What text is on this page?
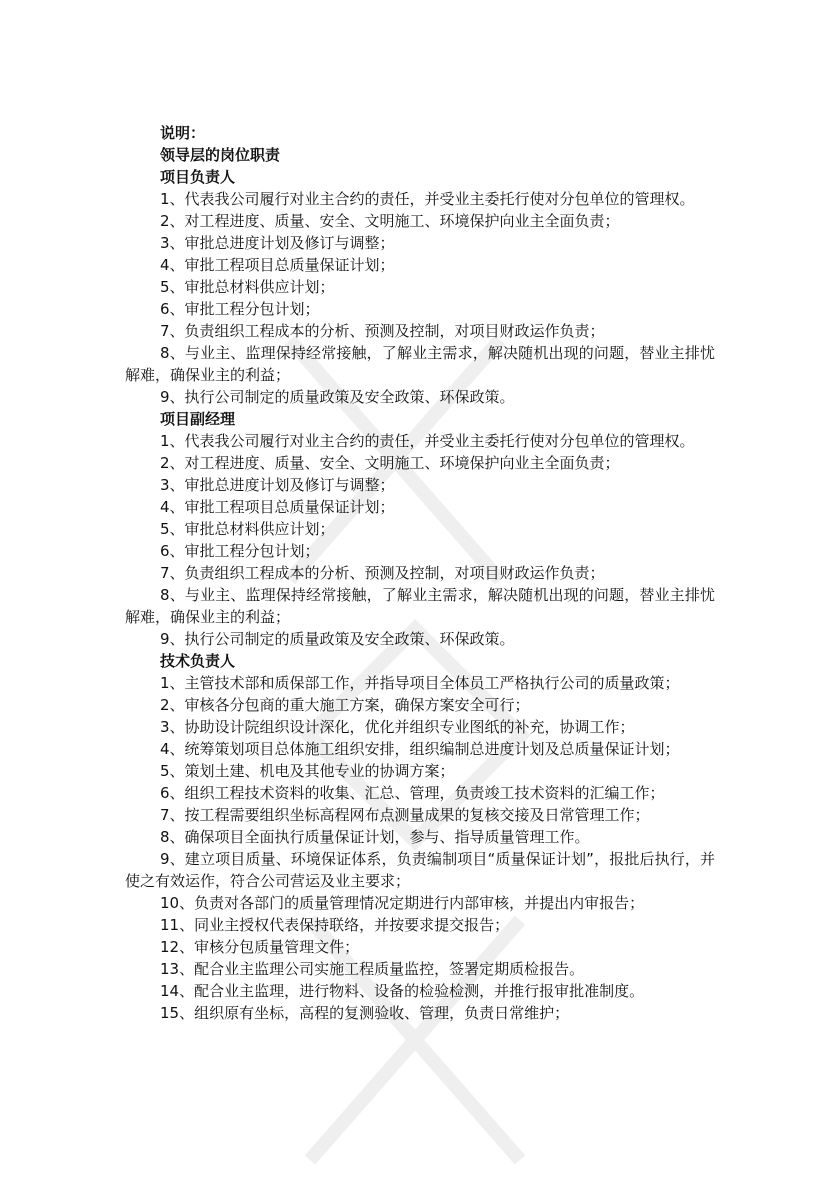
说明：
领导层的岗位职责
项目负责人
1、代表我公司履行对业主合约的责任，并受业主委托行使对分包单位的管理权。
2、对工程进度、质量、安全、文明施工、环境保护向业主全面负责；
3、审批总进度计划及修订与调整；
4、审批工程项目总质量保证计划；
5、审批总材料供应计划；
6、审批工程分包计划；
7、负责组织工程成本的分析、预测及控制，对项目财政运作负责；
8、与业主、监理保持经常接触，了解业主需求，解决随机出现的问题，替业主排忧解难，确保业主的利益；
9、执行公司制定的质量政策及安全政策、环保政策。
项目副经理
1、代表我公司履行对业主合约的责任，并受业主委托行使对分包单位的管理权。
2、对工程进度、质量、安全、文明施工、环境保护向业主全面负责；
3、审批总进度计划及修订与调整；
4、审批工程项目总质量保证计划；
5、审批总材料供应计划；
6、审批工程分包计划；
7、负责组织工程成本的分析、预测及控制，对项目财政运作负责；
8、与业主、监理保持经常接触，了解业主需求，解决随机出现的问题，替业主排忧解难，确保业主的利益；
9、执行公司制定的质量政策及安全政策、环保政策。
技术负责人
1、主管技术部和质保部工作，并指导项目全体员工严格执行公司的质量政策；
2、审核各分包商的重大施工方案，确保方案安全可行；
3、协助设计院组织设计深化，优化并组织专业图纸的补充，协调工作；
4、统筹策划项目总体施工组织安排，组织编制总进度计划及总质量保证计划；
5、策划土建、机电及其他专业的协调方案；
6、组织工程技术资料的收集、汇总、管理，负责竣工技术资料的汇编工作；
7、按工程需要组织坐标高程网布点测量成果的复核交接及日常管理工作；
8、确保项目全面执行质量保证计划，参与、指导质量管理工作。
9、建立项目质量、环境保证体系，负责编制项目“质量保证计划”，报批后执行，并使之有效运作，符合公司营运及业主要求；
10、负责对各部门的质量管理情况定期进行内部审核，并提出内审报告；
11、同业主授权代表保持联络，并按要求提交报告；
12、审核分包质量管理文件；
13、配合业主监理公司实施工程质量监控，签署定期质检报告。
14、配合业主监理，进行物料、设备的检验检测，并推行报审批准制度。
15、组织原有坐标，高程的复测验收、管理，负责日常维护；
